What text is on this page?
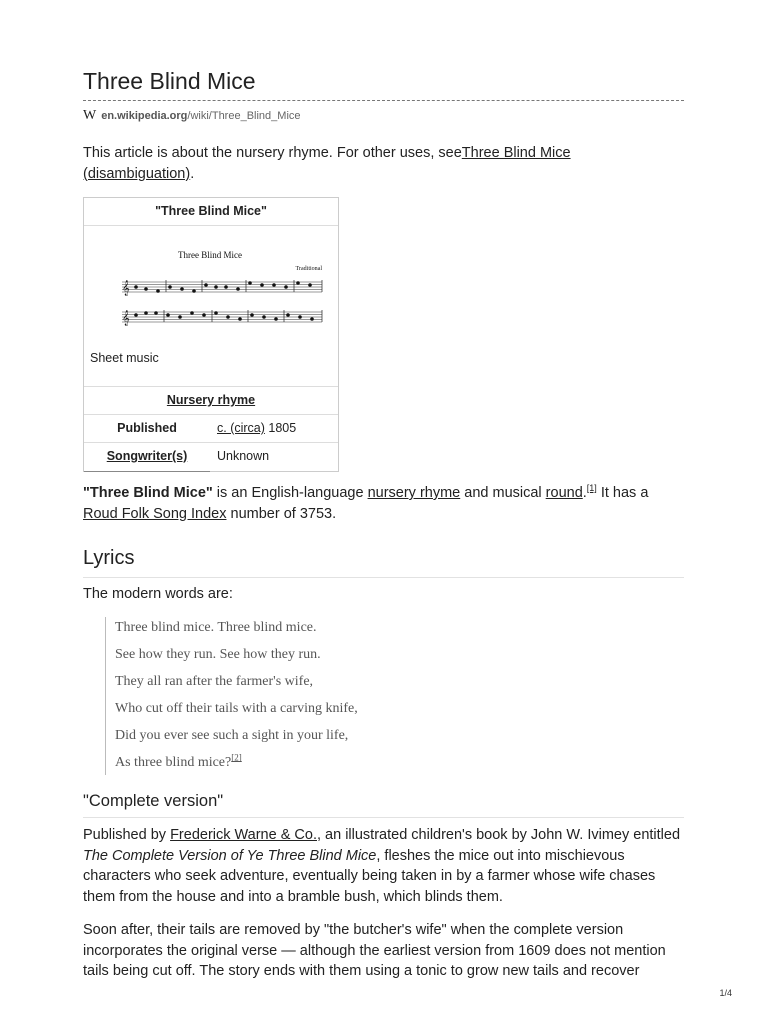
Three Blind Mice
W en.wikipedia.org/wiki/Three_Blind_Mice

This article is about the nursery rhyme. For other uses, seeThree Blind Mice (disambiguation).

"Three Blind Mice"
Three Blind Mice
Traditional
𝄞
𝄞
Sheet music
Nursery rhyme
Published	c. (circa) 1805
Songwriter(s)	Unknown

"Three Blind Mice" is an English-language nursery rhyme and musical round.[1] It has a Roud Folk Song Index number of 3753.

Lyrics

The modern words are:

Three blind mice. Three blind mice.
See how they run. See how they run.
They all ran after the farmer's wife,
Who cut off their tails with a carving knife,
Did you ever see such a sight in your life,
As three blind mice?[2]
"Complete version"

Published by Frederick Warne & Co., an illustrated children's book by John W. Ivimey entitled The Complete Version of Ye Three Blind Mice, fleshes the mice out into mischievous characters who seek adventure, eventually being taken in by a farmer whose wife chases them from the house and into a bramble bush, which blinds them.

Soon after, their tails are removed by "the butcher's wife" when the complete version incorporates the original verse — although the earliest version from 1609 does not mention tails being cut off. The story ends with them using a tonic to grow new tails and recover

1/4
